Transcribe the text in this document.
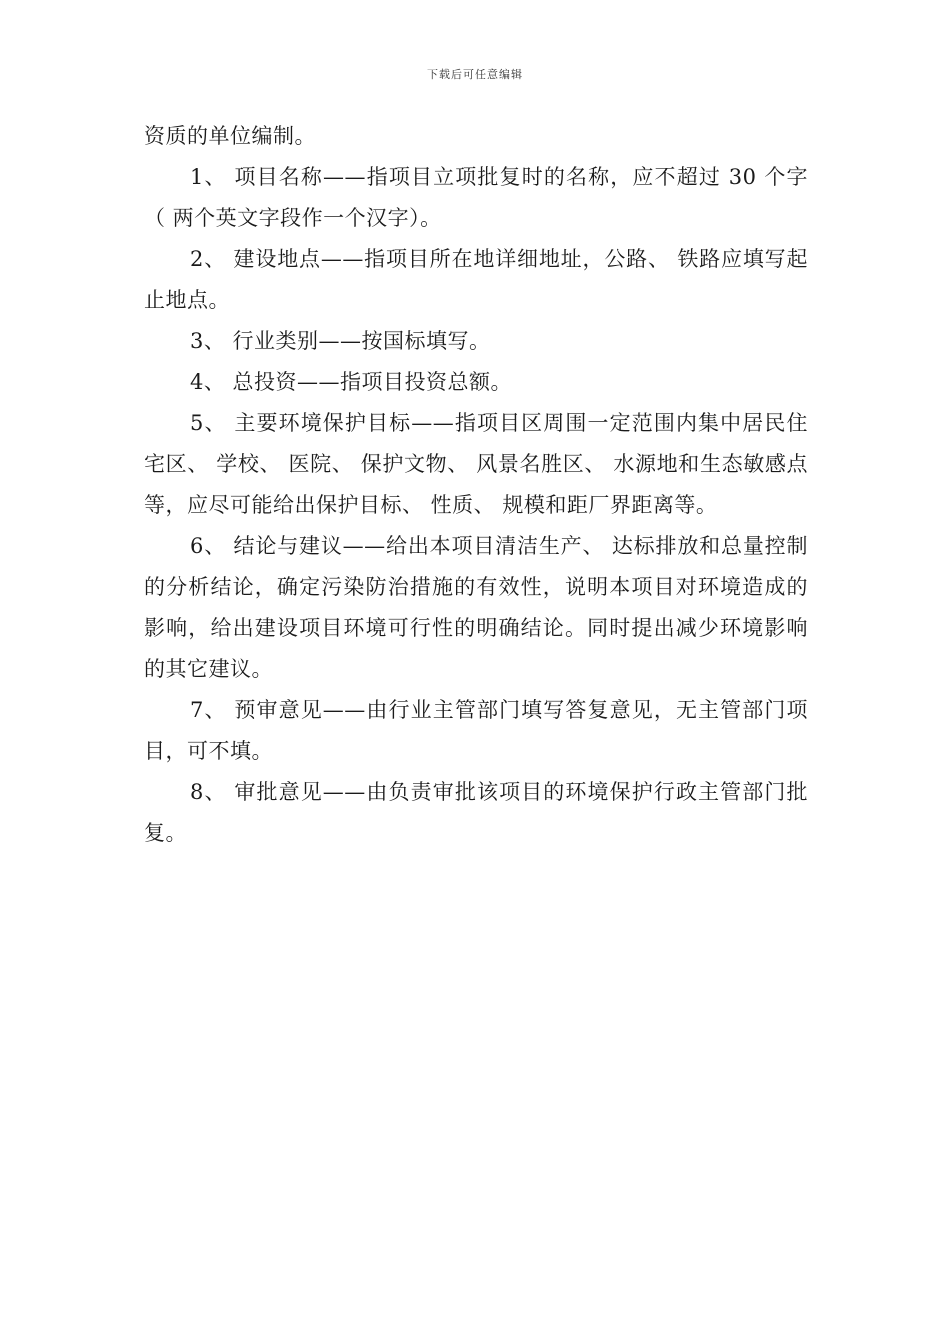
下载后可任意编辑

资质的单位编制。

1、 项目名称——指项目立项批复时的名称，应不超过 30 个字（ 两个英文字段作一个汉字）。

2、 建设地点——指项目所在地详细地址，公路、 铁路应填写起止地点。

3、 行业类别——按国标填写。

4、 总投资——指项目投资总额。

5、 主要环境保护目标——指项目区周围一定范围内集中居民住宅区、 学校、 医院、 保护文物、 风景名胜区、 水源地和生态敏感点等，应尽可能给出保护目标、 性质、 规模和距厂界距离等。

6、 结论与建议——给出本项目清洁生产、 达标排放和总量控制的分析结论，确定污染防治措施的有效性，说明本项目对环境造成的影响，给出建设项目环境可行性的明确结论。同时提出减少环境影响的其它建议。

7、 预审意见——由行业主管部门填写答复意见，无主管部门项目，可不填。

8、 审批意见——由负责审批该项目的环境保护行政主管部门批复。
